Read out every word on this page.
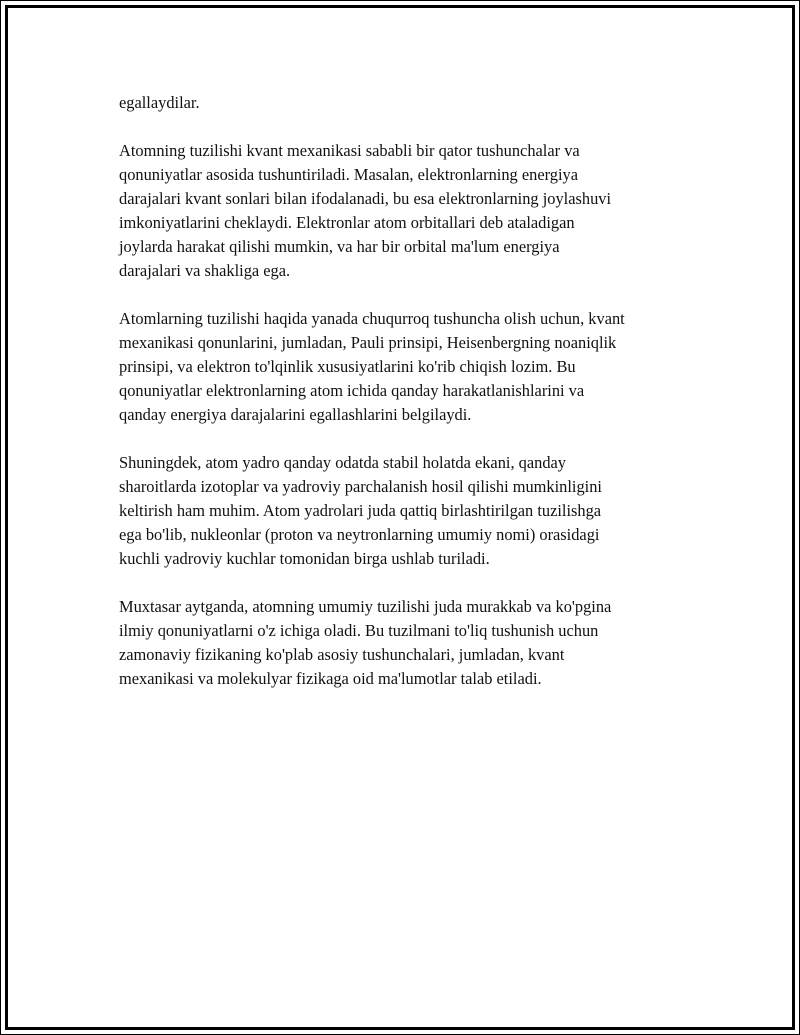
egallaydilar.

Atomning tuzilishi kvant mexanikasi sababli bir qator tushunchalar va
qonuniyatlar asosida tushuntiriladi. Masalan, elektronlarning energiya
darajalari kvant sonlari bilan ifodalanadi, bu esa elektronlarning joylashuvi
imkoniyatlarini cheklaydi. Elektronlar atom orbitallari deb ataladigan
joylarda harakat qilishi mumkin, va har bir orbital ma'lum energiya
darajalari va shakliga ega.

Atomlarning tuzilishi haqida yanada chuqurroq tushuncha olish uchun, kvant
mexanikasi qonunlarini, jumladan, Pauli prinsipi, Heisenbergning noaniqlik
prinsipi, va elektron to'lqinlik xususiyatlarini ko'rib chiqish lozim. Bu
qonuniyatlar elektronlarning atom ichida qanday harakatlanishlarini va
qanday energiya darajalarini egallashlarini belgilaydi.

Shuningdek, atom yadro qanday odatda stabil holatda ekani, qanday
sharoitlarda izotoplar va yadroviy parchalanish hosil qilishi mumkinligini
keltirish ham muhim. Atom yadrolari juda qattiq birlashtirilgan tuzilishga
ega bo'lib, nukleonlar (proton va neytronlarning umumiy nomi) orasidagi
kuchli yadroviy kuchlar tomonidan birga ushlab turiladi.

Muxtasar aytganda, atomning umumiy tuzilishi juda murakkab va ko'pgina
ilmiy qonuniyatlarni o'z ichiga oladi. Bu tuzilmani to'liq tushunish uchun
zamonaviy fizikaning ko'plab asosiy tushunchalari, jumladan, kvant
mexanikasi va molekulyar fizikaga oid ma'lumotlar talab etiladi.
